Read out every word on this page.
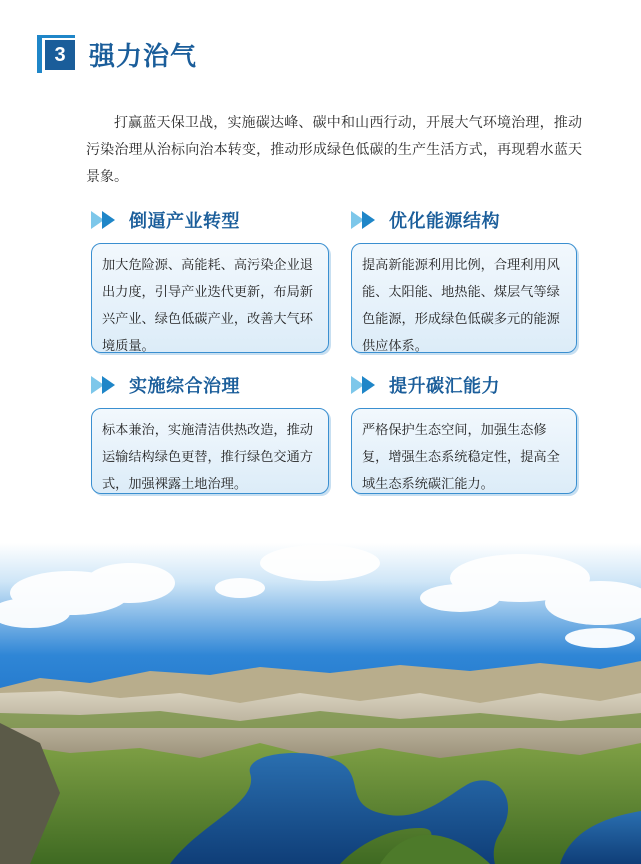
3 强力治气

打赢蓝天保卫战，实施碳达峰、碳中和山西行动，开展大气环境治理，推动污染治理从治标向治本转变，推动形成绿色低碳的生产生活方式，再现碧水蓝天景象。

倒逼产业转型
加大危险源、高能耗、高污染企业退出力度，引导产业迭代更新，布局新兴产业、绿色低碳产业，改善大气环境质量。
优化能源结构
提高新能源利用比例，合理利用风能、太阳能、地热能、煤层气等绿色能源，形成绿色低碳多元的能源供应体系。
实施综合治理
标本兼治，实施清洁供热改造，推动运输结构绿色更替，推行绿色交通方式，加强裸露土地治理。
提升碳汇能力
严格保护生态空间，加强生态修复，增强生态系统稳定性，提高全域生态系统碳汇能力。
